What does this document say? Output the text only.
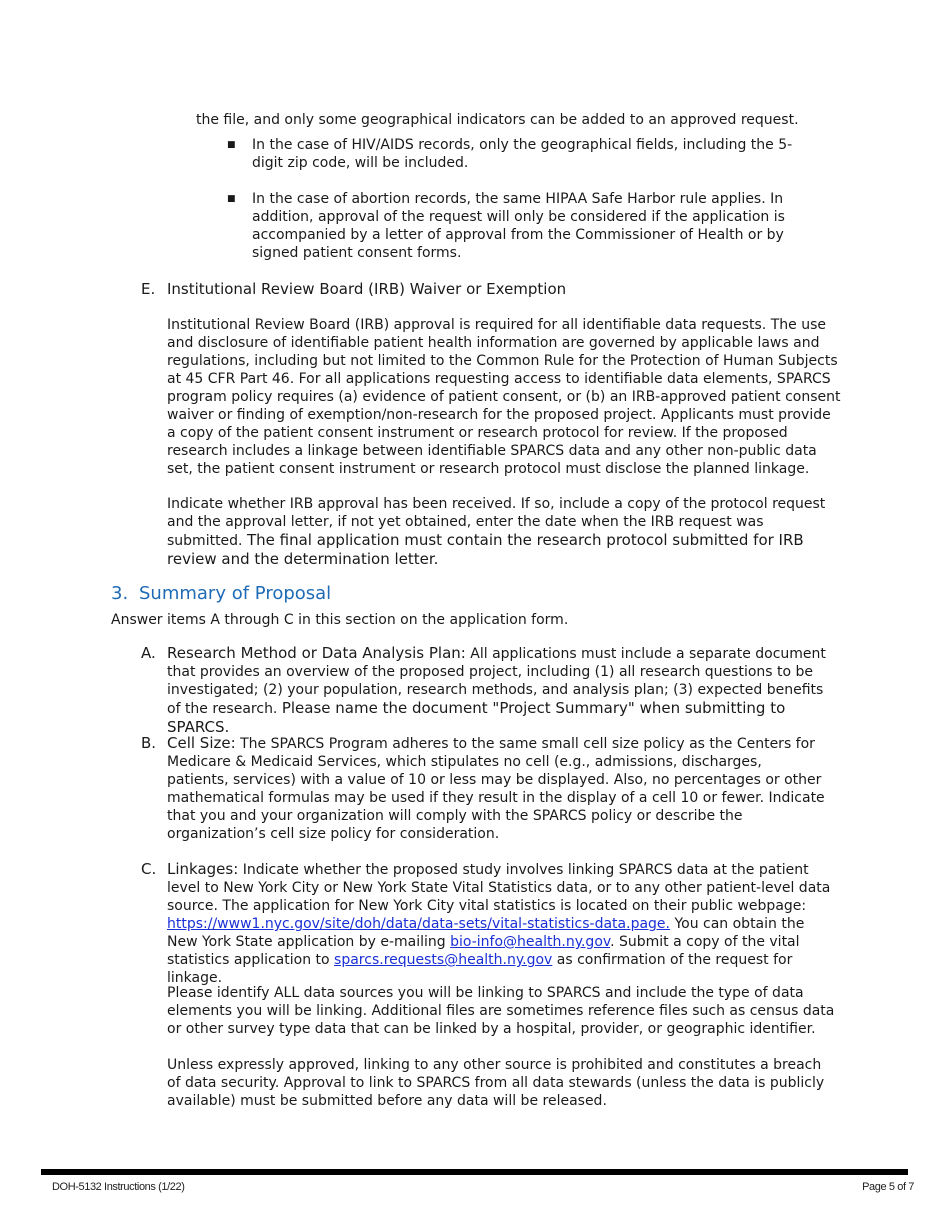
the file, and only some geographical indicators can be added to an approved request.
■ In the case of HIV/AIDS records, only the geographical fields, including the 5-digit zip code, will be included.
■ In the case of abortion records, the same HIPAA Safe Harbor rule applies. In addition, approval of the request will only be considered if the application is accompanied by a letter of approval from the Commissioner of Health or by signed patient consent forms.
E. Institutional Review Board (IRB) Waiver or Exemption
Institutional Review Board (IRB) approval is required for all identifiable data requests. The use and disclosure of identifiable patient health information are governed by applicable laws and regulations, including but not limited to the Common Rule for the Protection of Human Subjects at 45 CFR Part 46. For all applications requesting access to identifiable data elements, SPARCS program policy requires (a) evidence of patient consent, or (b) an IRB-approved patient consent waiver or finding of exemption/non-research for the proposed project. Applicants must provide a copy of the patient consent instrument or research protocol for review. If the proposed research includes a linkage between identifiable SPARCS data and any other non-public data set, the patient consent instrument or research protocol must disclose the planned linkage.
Indicate whether IRB approval has been received. If so, include a copy of the protocol request and the approval letter, if not yet obtained, enter the date when the IRB request was submitted. The final application must contain the research protocol submitted for IRB review and the determination letter.
3. Summary of Proposal
Answer items A through C in this section on the application form.
A. Research Method or Data Analysis Plan: All applications must include a separate document that provides an overview of the proposed project, including (1) all research questions to be investigated; (2) your population, research methods, and analysis plan; (3) expected benefits of the research. Please name the document "Project Summary" when submitting to SPARCS.
B. Cell Size: The SPARCS Program adheres to the same small cell size policy as the Centers for Medicare & Medicaid Services, which stipulates no cell (e.g., admissions, discharges, patients, services) with a value of 10 or less may be displayed. Also, no percentages or other mathematical formulas may be used if they result in the display of a cell 10 or fewer. Indicate that you and your organization will comply with the SPARCS policy or describe the organization’s cell size policy for consideration.
C. Linkages: Indicate whether the proposed study involves linking SPARCS data at the patient level to New York City or New York State Vital Statistics data, or to any other patient-level data source. The application for New York City vital statistics is located on their public webpage: https://www1.nyc.gov/site/doh/data/data-sets/vital-statistics-data.page. You can obtain the New York State application by e-mailing bio-info@health.ny.gov. Submit a copy of the vital statistics application to sparcs.requests@health.ny.gov as confirmation of the request for linkage.
Please identify ALL data sources you will be linking to SPARCS and include the type of data elements you will be linking. Additional files are sometimes reference files such as census data or other survey type data that can be linked by a hospital, provider, or geographic identifier.
Unless expressly approved, linking to any other source is prohibited and constitutes a breach of data security. Approval to link to SPARCS from all data stewards (unless the data is publicly available) must be submitted before any data will be released.
DOH-5132 Instructions (1/22)	Page 5 of 7
